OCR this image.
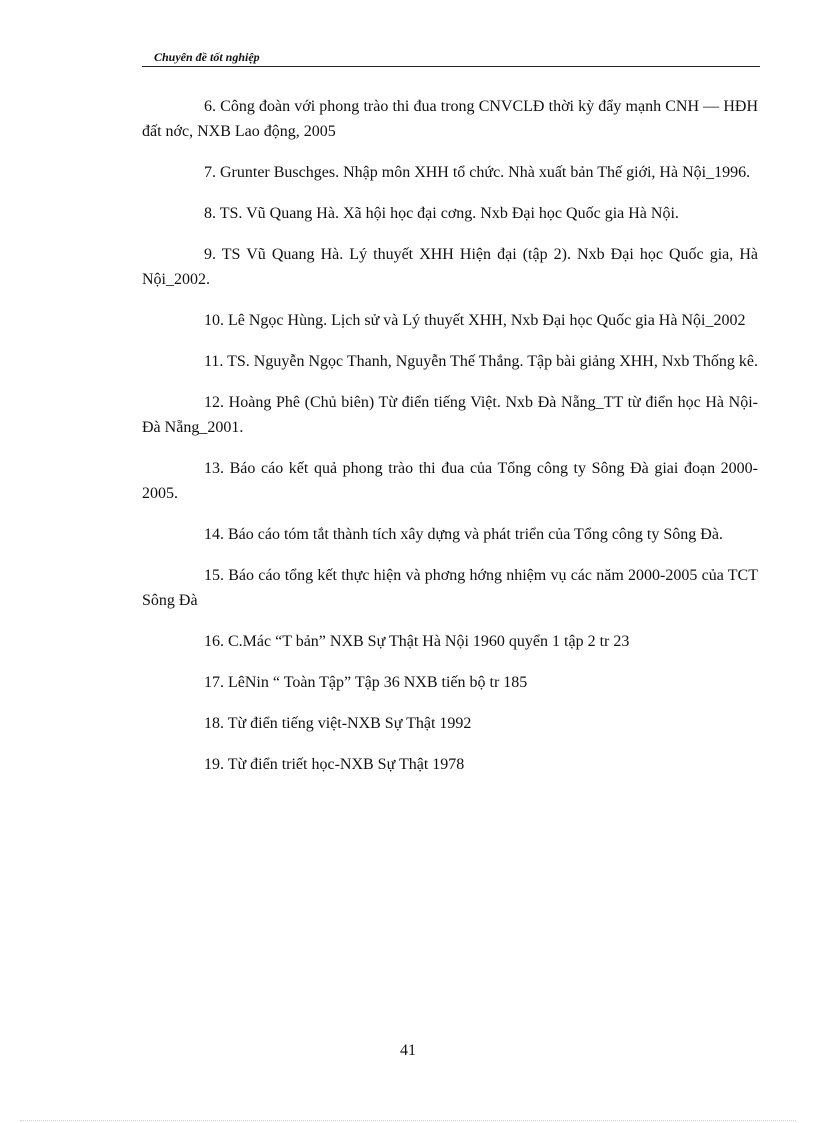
Chuyên đề tốt nghiệp

6. Công đoàn với phong trào thi đua trong CNVCLĐ thời kỳ đẩy mạnh CNH — HĐH đất nớc, NXB Lao động, 2005

7. Grunter Buschges. Nhập môn XHH tổ chức. Nhà xuất bản Thế giới, Hà Nội_1996.

8. TS. Vũ Quang Hà. Xã hội học đại cơng. Nxb Đại học Quốc gia Hà Nội.

9. TS Vũ Quang Hà. Lý thuyết XHH Hiện đại (tập 2). Nxb Đại học Quốc gia, Hà Nội_2002.

10. Lê Ngọc Hùng. Lịch sử và Lý thuyết XHH, Nxb Đại học Quốc gia Hà Nội_2002

11. TS. Nguyễn Ngọc Thanh, Nguyễn Thế Thắng. Tập bài giảng XHH, Nxb Thống kê.

12. Hoàng Phê (Chủ biên) Từ điển tiếng Việt. Nxb Đà Nẵng_TT từ điển học Hà Nội-Đà Nẵng_2001.

13. Báo cáo kết quả phong trào thi đua của Tổng công ty Sông Đà giai đoạn 2000-2005.

14. Báo cáo tóm tắt thành tích xây dựng và phát triển của Tổng công ty Sông Đà.

15. Báo cáo tổng kết thực hiện và phơng hớng nhiệm vụ các năm 2000-2005 của TCT Sông Đà

16. C.Mác “T bản” NXB Sự Thật Hà Nội 1960 quyển 1 tập 2 tr 23

17. LêNin “ Toàn Tập” Tập 36 NXB tiến bộ tr 185

18. Từ điển tiếng việt-NXB Sự Thật 1992

19. Từ điển triết học-NXB Sự Thật 1978

41
